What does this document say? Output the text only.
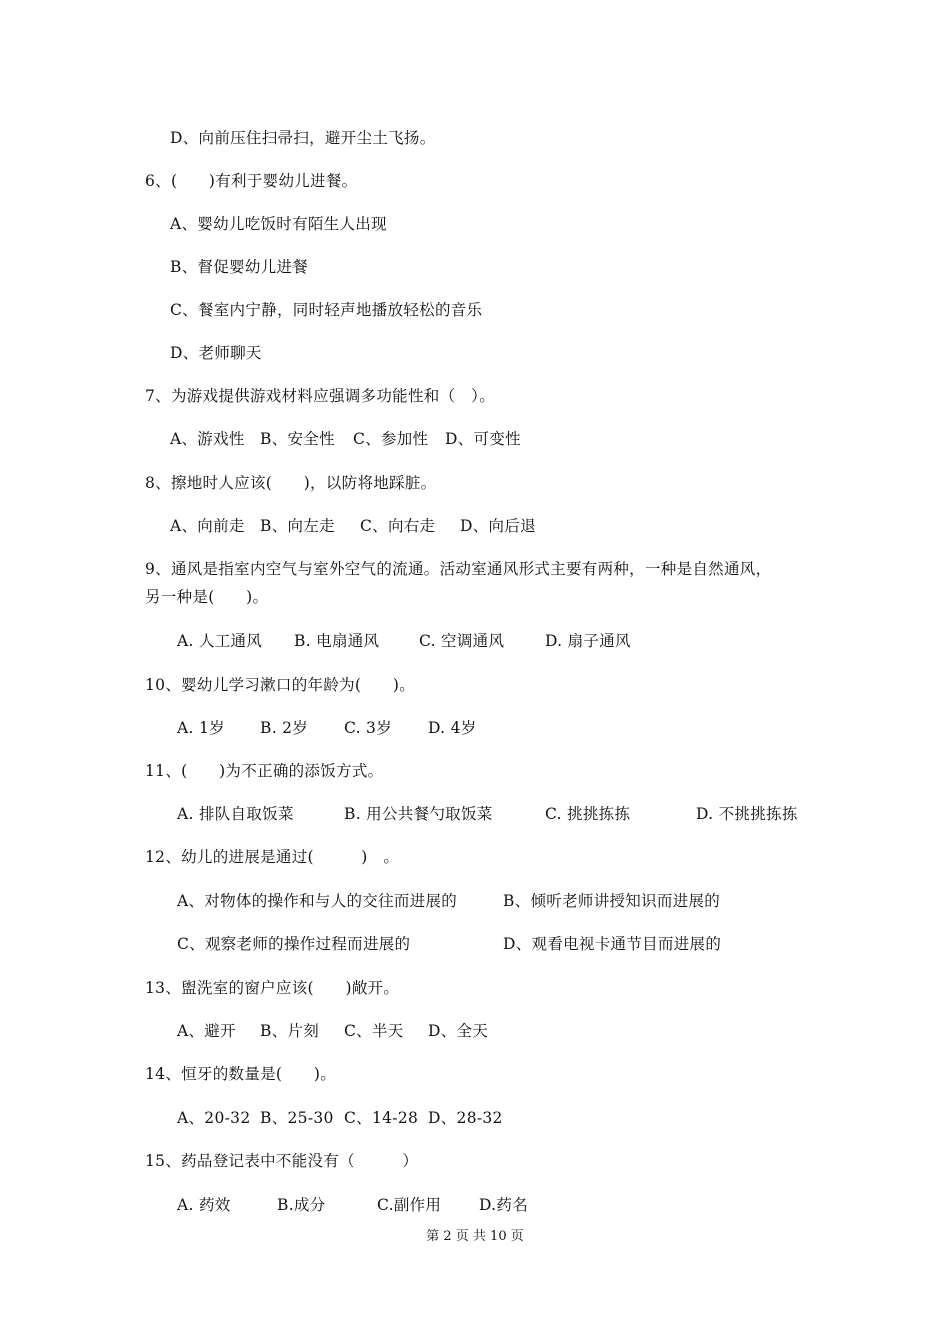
D、向前压住扫帚扫，避开尘土飞扬。
6、(　　)有利于婴幼儿进餐。
A、婴幼儿吃饭时有陌生人出现
B、督促婴幼儿进餐
C、餐室内宁静，同时轻声地播放轻松的音乐
D、老师聊天
7、为游戏提供游戏材料应强调多功能性和（　）。

A、游戏性

B、安全性

C、参加性

D、可变性

8、擦地时人应该(　　)，以防将地踩脏。

A、向前走

B、向左走

C、向右走

D、向后退

9、通风是指室内空气与室外空气的流通。活动室通风形式主要有两种，一种是自然通风，
另一种是(　　)。

A. 人工通风

B. 电扇通风

	C. 空调通风

	D. 扇子通风

10、婴幼儿学习漱口的年龄为(　　)。

A. 1岁

B. 2岁

C. 3岁

D. 4岁

11、(　　)为不正确的添饭方式。

A. 排队自取饭菜

	B. 用公共餐勺取饭菜

	C. 挑挑拣拣

	D. 不挑挑拣拣

12、幼儿的进展是通过(　　　)　。

A、对物体的操作和与人的交往而进展的

	B、倾听老师讲授知识而进展的

C、观察老师的操作过程而进展的

	D、观看电视卡通节目而进展的

13、盥洗室的窗户应该(　　)敞开。

A、避开

B、片刻

C、半天

D、全天

14、恒牙的数量是(　　)。

A、20-32

B、25-30

C、14-28

D、28-32

15、药品登记表中不能没有（　　　）

A. 药效

	B.成分

	C.副作用

D.药名

第 2 页 共 10 页
